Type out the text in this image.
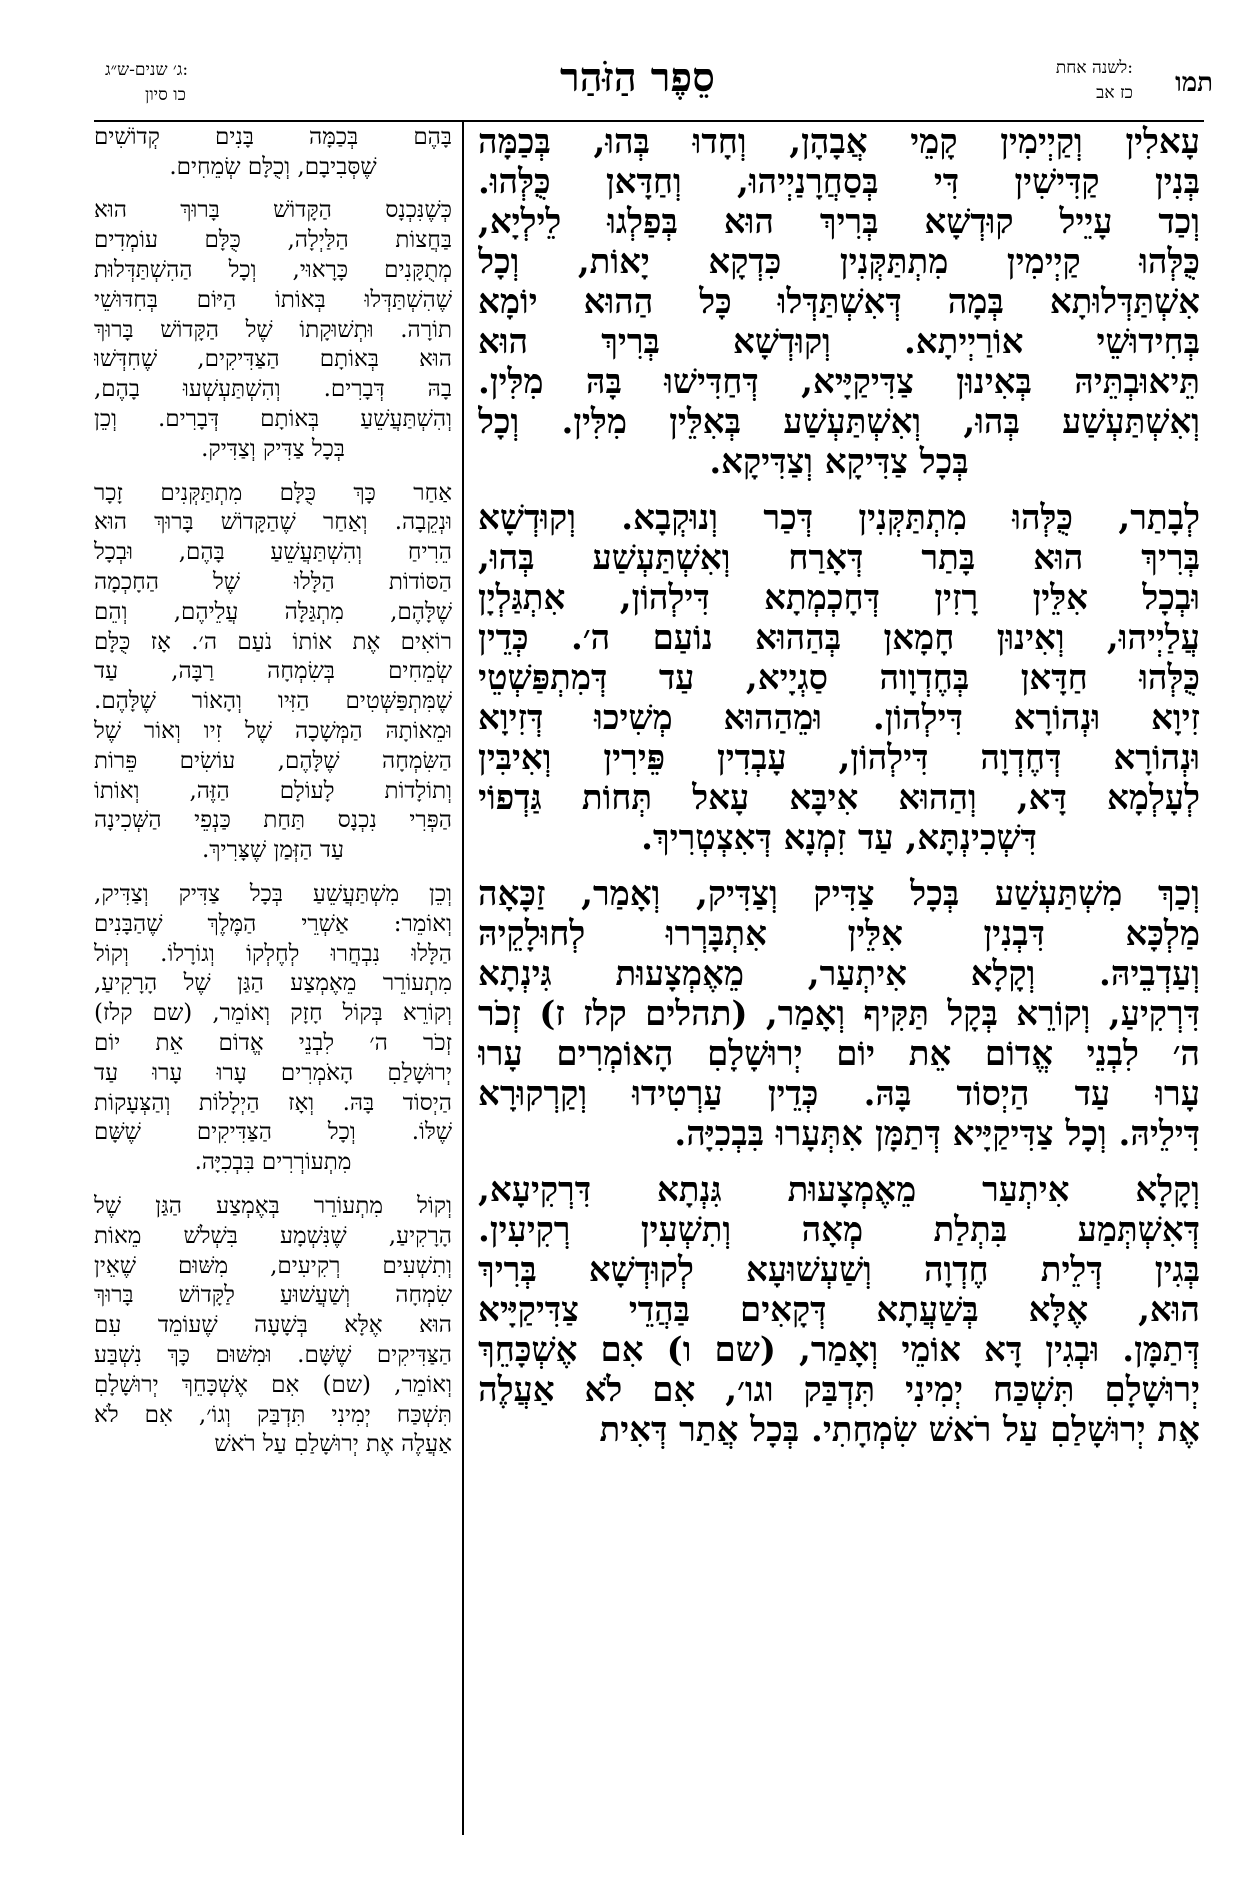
תמו
לשנה אחת:
כז אב
סֵפֶר הַזֹּהַר
ג׳ שנים-ש״ג:
כו סיון
עָאלִין
וְקַיְימִין
קָמֵי
אֲבָהָן,
וְחָדוּ
בְּהוּ,
בְּכַמָּה
בְּנִין
קַדִּישִׁין
דִּי
בְּסַחֲרָנַיְיהוּ,
וְחַדָּאן
כֻּלְּהוּ.
וְכַד
עָיֵיל
קוּדְשָׁא
בְּרִיךְ
הוּא
בְּפַלְגוּ
לֵילְיָא,
כֻּלְּהוּ
קַיְימִין
מִתְתַּקְּנִין
כִּדְקָא
יָאוֹת,
וְכָל
אִשְׁתַּדְּלוּתָא
בְּמָה
דְּאִשְׁתַּדְּלוּ
כָּל
הַהוּא
יוֹמָא
בְּחִידוּשֵׁי
אוֹרַיְיתָא.
וְקוּדְשָׁא
בְּרִיךְ
הוּא
תֵּיאוּבְתֵּיהּ
בְּאִינוּן
צַדִּיקַיָּיא,
דְּחַדִּישׁוּ
בָּהּ
מִלִּין.
וְאִשְׁתַּעְשַׁע
בְּהוּ,
וְאִשְׁתַּעְשַׁע
בְּאִלֵּין
מִלִּין.
וְכָל
בְּכָל צַדִּיקָא וְצַדִּיקָא.
לְבָתַר,
כֻּלְּהוּ
מִתְתַּקְּנִין
דְּכַר
וְנוּקְבָא.
וְקוּדְשָׁא
בְּרִיךְ
הוּא
בָּתַר
דְּאָרַח
וְאִשְׁתַּעְשַׁע
בְּהוּ,
וּבְכָל
אִלֵּין
רָזִין
דְּחָכְמְתָא
דִּילְהוֹן,
אִתְגַּלְיָן
עֲלַיְיהוּ,
וְאִינוּן
חָמָאן
בְּהַהוּא
נוֹעַם
ה׳.
כְּדֵין
כֻּלְּהוּ
חַדָּאן
בְּחֶדְוָוה
סַגְיָיא,
עַד
דְּמִתְפַּשְׁטֵי
זִיוָא
וּנְהוֹרָא
דִּילְהוֹן.
וּמֵהַהוּא
מְשִׁיכוּ
דְּזִיוָא
וּנְהוֹרָא
דְּחֶדְוָה
דִּילְהוֹן,
עָבְדִין
פֵּירִין
וְאִיבִּין
לְעָלְמָא
דָּא,
וְהַהוּא
אִיבָּא
עָאל
תְּחוֹת
גַּדְפוֹי
דִּשְׁכִינְתָּא, עַד זִמְנָא דְּאִצְטְרִיךְ.
וְכַךְ
מִשְׁתַּעְשַׁע
בְּכָל
צַדִּיק
וְצַדִּיק,
וְאָמַר,
זַכָּאָה
מַלְכָּא
דִּבְנִין
אִלֵּין
אִתְבָּרְרוּ
לְחוּלָקֵיהּ
וְעַדְבֵיהּ.
וְקָלָא
אִיתְעַר,
מֵאֶמְצָעוּת
גִּינְתָא
דִּרְקִיעַ,
וְקוֹרֵא
בְּקָל
תַּקִּיף
וְאָמַר,
(תהלים
קלז
ז)
זְכֹר
ה׳
לִבְנֵי
אֱדוֹם
אֵת
יוֹם
יְרוּשָׁלָםִ
הָאוֹמְרִים
עָרוּ
עָרוּ
עַד
הַיְסוֹד
בָּהּ.
כְּדֵין
עַרְטִידוּ
וְקַרְקוּרָא
דִּילֵיהּ. וְכָל צַדִּיקַיָּיא דְּתַמָּן אִתְּעָרוּ בִּבְכִיָּה.
וְקָלָא
אִיתְעַר
מֵאֶמְצָעוּת
גִּנְתָא
דִּרְקִיעָא,
דְּאִשְׁתְּמַע
בִּתְלַת
מְאָה
וְתִשְׁעִין
רְקִיעִין.
בְּגִין
דְּלֵית
חֶדְוָה
וְשַׁעְשׁוּעָא
לְקוּדְשָׁא
בְּרִיךְ
הוּא,
אֶלָּא
בְּשַׁעֲתָא
דְּקָאִים
בַּהֲדֵי
צַדִּיקַיָּיא
דְּתַמָּן.
וּבְגִין
דָּא
אוֹמֵי
וְאָמַר,
(שם
ו)
אִם
אֶשְׁכָּחֵךְ
יְרוּשָׁלָםִ
תִּשְׁכַּח
יְמִינִי
תִּדְבַּק
וגו׳,
אִם
לֹא
אַעֲלֶה
אֶת יְרוּשָׁלַםִ עַל רֹאשׁ שִׂמְחָתִי. בְּכָל אֲתַר דְּאִית
בָּהֶם
בְּכַמָּה
בָּנִים
קְדוֹשִׁים
שֶׁסְּבִיבָם, וְכֻלָּם שְׂמֵחִים.
כְּשֶׁנִּכְנָס
הַקָּדוֹשׁ
בָּרוּךְ
הוּא
בַּחֲצוֹת
הַלַּיְלָה,
כֻּלָּם
עוֹמְדִים
מְתֻקָּנִים
כָּרָאוּי,
וְכָל
הַהִשְׁתַּדְּלוּת
שֶׁהִשְׁתַּדְּלוּ
בְּאוֹתוֹ
הַיּוֹם
בְּחִדּוּשֵׁי
תוֹרָה.
וּתְשׁוּקָתוֹ
שֶׁל
הַקָּדוֹשׁ
בָּרוּךְ
הוּא
בְּאוֹתָם
הַצַּדִּיקִים,
שֶׁחִדְּשׁוּ
בָהּ
דְּבָרִים.
וְהִשְׁתַּעְשְׁעוּ
בָהֶם,
וְהִשְׁתַּעֲשֵׁעַ
בְּאוֹתָם
דְּבָרִים.
וְכֵן
בְּכָל צַדִּיק וְצַדִּיק.
אַחַר
כָּךְ
כֻּלָּם
מִתְתַּקְּנִים
זָכָר
וּנְקֵבָה.
וְאַחַר
שֶׁהַקָּדוֹשׁ
בָּרוּךְ
הוּא
הֵרִיחַ
וְהִשְׁתַּעֲשֵׁעַ
בָּהֶם,
וּבְכָל
הַסּוֹדוֹת
הַלָּלוּ
שֶׁל
הַחָכְמָה
שֶׁלָּהֶם,
מִתְגַּלָּה
עֲלֵיהֶם,
וְהֵם
רוֹאִים
אֶת
אוֹתוֹ
נֹעַם
ה׳.
אָז
כֻּלָּם
שְׂמֵחִים
בְּשִׂמְחָה
רַבָּה,
עַד
שֶׁמִּתְפַּשְּׁטִים
הַזִּיו
וְהָאוֹר
שֶׁלָּהֶם.
וּמֵאוֹתָהּ
הַמְּשָׁכָה
שֶׁל
זִיו
וְאוֹר
שֶׁל
הַשִּׂמְחָה
שֶׁלָּהֶם,
עוֹשִׂים
פֵּרוֹת
וְתוֹלָדוֹת
לָעוֹלָם
הַזֶּה,
וְאוֹתוֹ
הַפְּרִי
נִכְנָס
תַּחַת
כַּנְפֵי
הַשְּׁכִינָה
עַד הַזְּמַן שֶׁצָּרִיךְ.
וְכֵן
מִשְׁתַּעֲשֵׁעַ
בְּכָל
צַדִּיק
וְצַדִּיק,
וְאוֹמֵר:
אַשְׁרֵי
הַמֶּלֶךְ
שֶׁהַבָּנִים
הַלָּלוּ
נִבְחֲרוּ
לְחֶלְקוֹ
וְגוֹרָלוֹ.
וְקוֹל
מִתְעוֹרֵר
מֵאֶמְצַע
הַגַּן
שֶׁל
הָרָקִיעַ,
וְקוֹרֵא
בְּקוֹל
חָזָק
וְאוֹמֵר,
(שם
קלז)
זְכֹר
ה׳
לִבְנֵי
אֱדוֹם
אֵת
יוֹם
יְרוּשָׁלַםִ
הָאֹמְרִים
עָרוּ
עָרוּ
עַד
הַיְסוֹד
בָּהּ.
וְאָז
הַיְלָלוֹת
וְהַצְּעָקוֹת
שֶׁלּוֹ.
וְכָל
הַצַּדִּיקִים
שֶׁשָּׁם
מִתְעוֹרְרִים בִּבְכִיָּה.
וְקוֹל
מִתְעוֹרֵר
בְּאֶמְצַע
הַגַּן
שֶׁל
הָרָקִיעַ,
שֶׁנִּשְׁמָע
בִּשְׁלֹשׁ
מֵאוֹת
וְתִשְׁעִים
רְקִיעִים,
מִשּׁוּם
שֶׁאֵין
שִׂמְחָה
וְשַׁעֲשׁוּעַ
לַקָּדוֹשׁ
בָּרוּךְ
הוּא
אֶלָּא
בְּשָׁעָה
שֶׁעוֹמֵד
עִם
הַצַּדִּיקִים
שֶׁשָּׁם.
וּמִשּׁוּם
כָּךְ
נִשְׁבַּע
וְאוֹמֵר,
(שם)
אִם
אֶשְׁכָּחֵךְ
יְרוּשָׁלָםִ
תִּשְׁכַּח
יְמִינִי
תִּדְבַּק
וְגוֹ׳,
אִם
לֹא
אַעֲלֶה אֶת יְרוּשָׁלַםִ עַל רֹאשׁ
